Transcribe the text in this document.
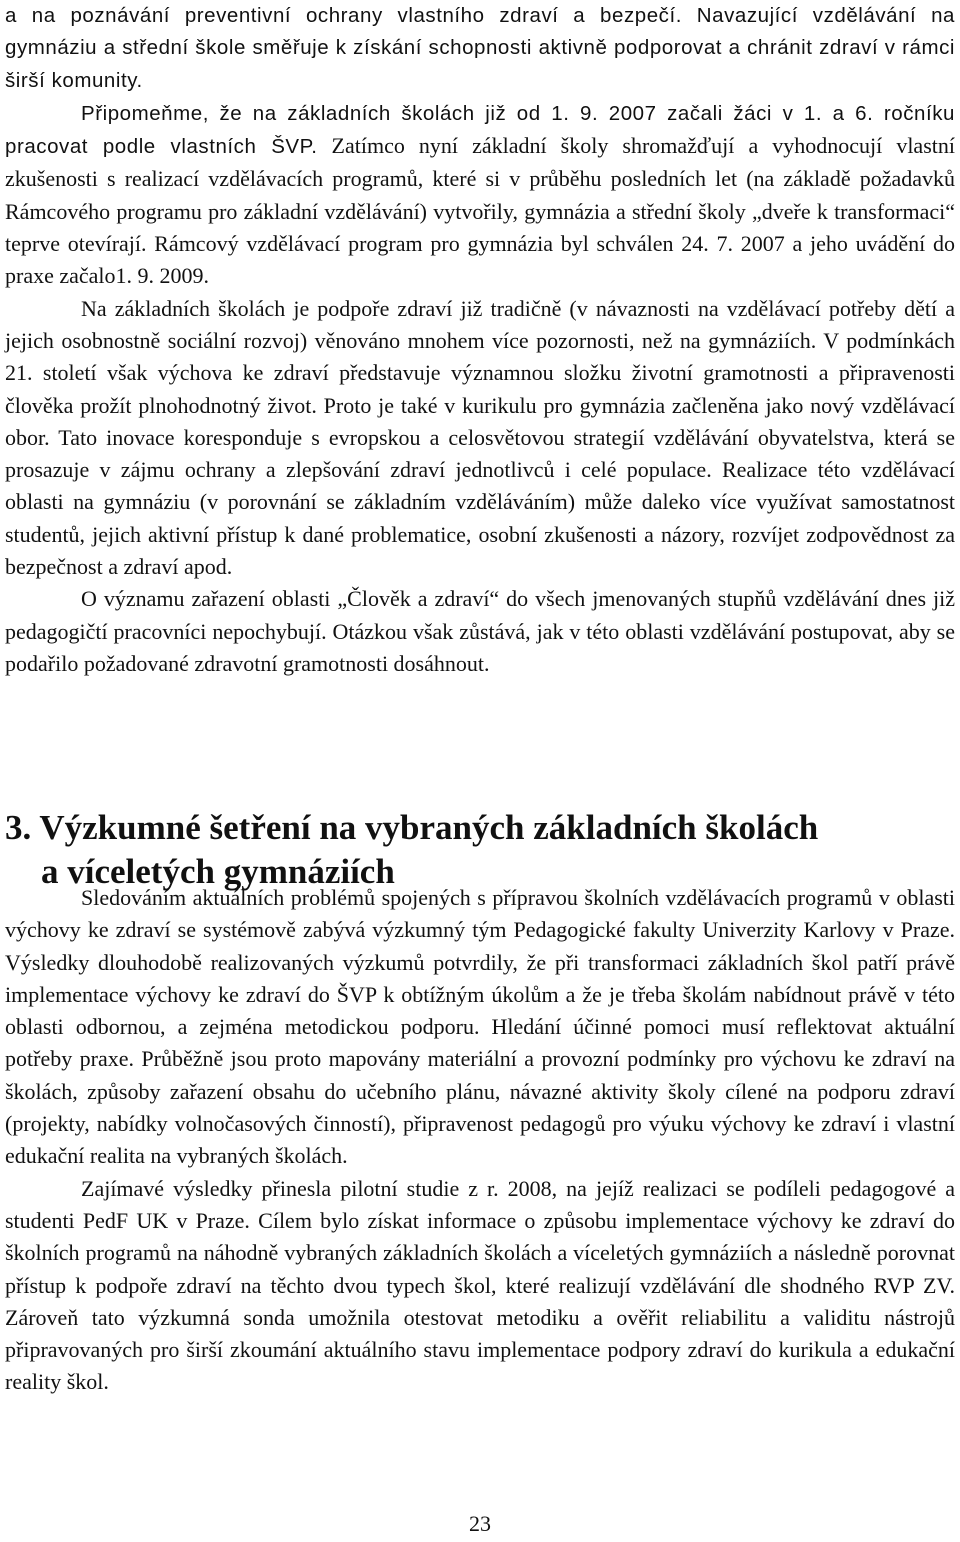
a na poznávání preventivní ochrany vlastního zdraví a bezpečí. Navazující vzdělávání na gymnáziu a střední škole směřuje k získání schopnosti aktivně podporovat a chránit zdraví v rámci širší komunity.

Připomeňme, že na základních školách již od 1. 9. 2007 začali žáci v 1. a 6. ročníku pracovat podle vlastních ŠVP. Zatímco nyní základní školy shromažďují a vyhodnocují vlastní zkušenosti s realizací vzdělávacích programů, které si v průběhu posledních let (na základě požadavků Rámcového programu pro základní vzdělávání) vytvořily, gymnázia a střední školy „dveře k transformaci“ teprve otevírají. Rámcový vzdělávací program pro gymnázia byl schválen 24. 7. 2007 a jeho uvádění do praxe začalo1. 9. 2009.

Na základních školách je podpoře zdraví již tradičně (v návaznosti na vzdělávací potřeby dětí a jejich osobnostně sociální rozvoj) věnováno mnohem více pozornosti, než na gymnáziích. V podmínkách 21. století však výchova ke zdraví představuje významnou složku životní gramotnosti a připravenosti člověka prožít plnohodnotný život. Proto je také v kurikulu pro gymnázia začleněna jako nový vzdělávací obor. Tato inovace koresponduje s evropskou a celosvětovou strategií vzdělávání obyvatelstva, která se prosazuje v zájmu ochrany a zlepšování zdraví jednotlivců i celé populace. Realizace této vzdělávací oblasti na gymnáziu (v porovnání se základním vzděláváním) může daleko více využívat samostatnost studentů, jejich aktivní přístup k dané problematice, osobní zkušenosti a názory, rozvíjet zodpovědnost za bezpečnost a zdraví apod.

O významu zařazení oblasti „Člověk a zdraví“ do všech jmenovaných stupňů vzdělávání dnes již pedagogičtí pracovníci nepochybují. Otázkou však zůstává, jak v této oblasti vzdělávání postupovat, aby se podařilo požadované zdravotní gramotnosti dosáhnout.

3. Výzkumné šetření na vybraných základních školách
a víceletých gymnáziích

Sledováním aktuálních problémů spojených s přípravou školních vzdělávacích programů v oblasti výchovy ke zdraví se systémově zabývá výzkumný tým Pedagogické fakulty Univerzity Karlovy v Praze. Výsledky dlouhodobě realizovaných výzkumů potvrdily, že při transformaci základních škol patří právě implementace výchovy ke zdraví do ŠVP k obtížným úkolům a že je třeba školám nabídnout právě v této oblasti odbornou, a zejména metodickou podporu. Hledání účinné pomoci musí reflektovat aktuální potřeby praxe. Průběžně jsou proto mapovány materiální a provozní podmínky pro výchovu ke zdraví na školách, způsoby zařazení obsahu do učebního plánu, návazné aktivity školy cílené na podporu zdraví (projekty, nabídky volnočasových činností), připravenost pedagogů pro výuku výchovy ke zdraví i vlastní edukační realita na vybraných školách.

Zajímavé výsledky přinesla pilotní studie z r. 2008, na jejíž realizaci se podíleli pedagogové a studenti PedF UK v Praze. Cílem bylo získat informace o způsobu implementace výchovy ke zdraví do školních programů na náhodně vybraných základních školách a víceletých gymnáziích a následně porovnat přístup k podpoře zdraví na těchto dvou typech škol, které realizují vzdělávání dle shodného RVP ZV. Zároveň tato výzkumná sonda umožnila otestovat metodiku a ověřit reliabilitu a validitu nástrojů připravovaných pro širší zkoumání aktuálního stavu implementace podpory zdraví do kurikula a edukační reality škol.

23
